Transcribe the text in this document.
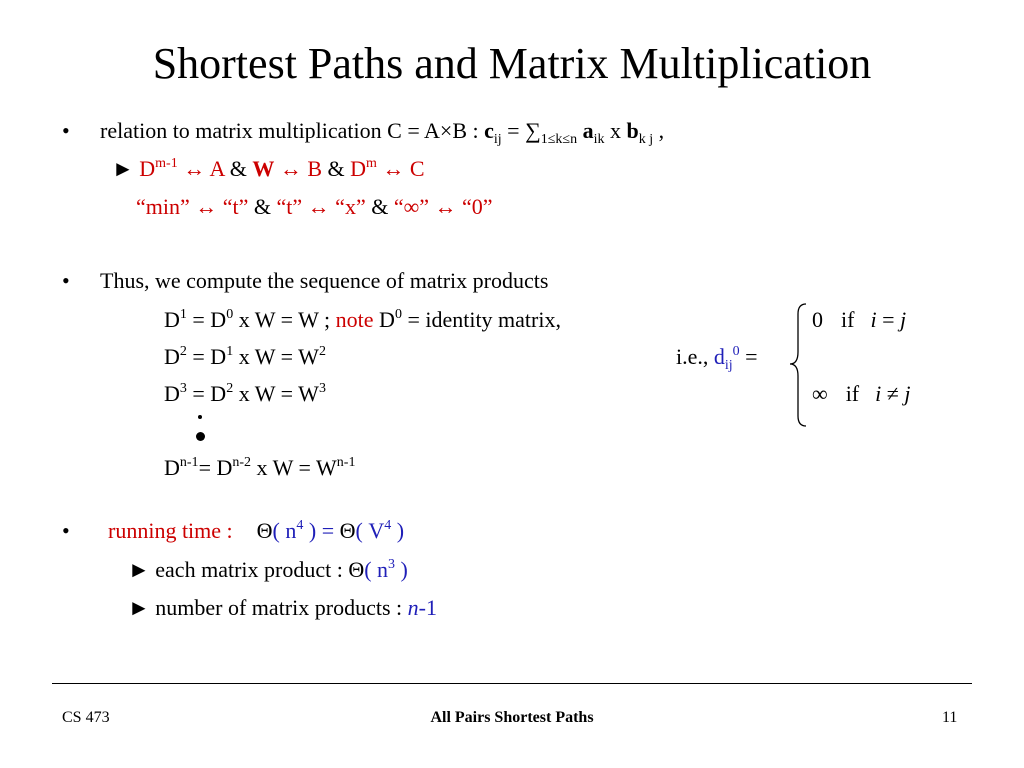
Shortest Paths and Matrix Multiplication
• relation to matrix multiplication C = A×B : $c_{ij} = \sum_{1\le k\le n}$ $a_{ik}$ x $b_{k j}$ ,
► $D^{m-1}$ ↔ A & W ↔ B & $D^m$ ↔ C
“min” ↔ “t” & “t” ↔ “x” & “∞” ↔ “0”
• Thus, we compute the sequence of matrix products
$D^1 = D^0$ x W = W ; note $D^0$ = identity matrix,
$D^2 = D^1$ x $W = W^2$
$D^3 = D^2$ x $W = W^3$
$D^{n-1}= D^{n-2}$ x $W = W^{n-1}$
i.e., $d_{ij}^0$ =
0 if i = j
∞ if i ≠ j
• running time : Θ( $n^4$ ) = Θ( $V^4$ )
► each matrix product : Θ( $n^3$ )
► number of matrix products : n-1
CS 473	All Pairs Shortest Paths	11
